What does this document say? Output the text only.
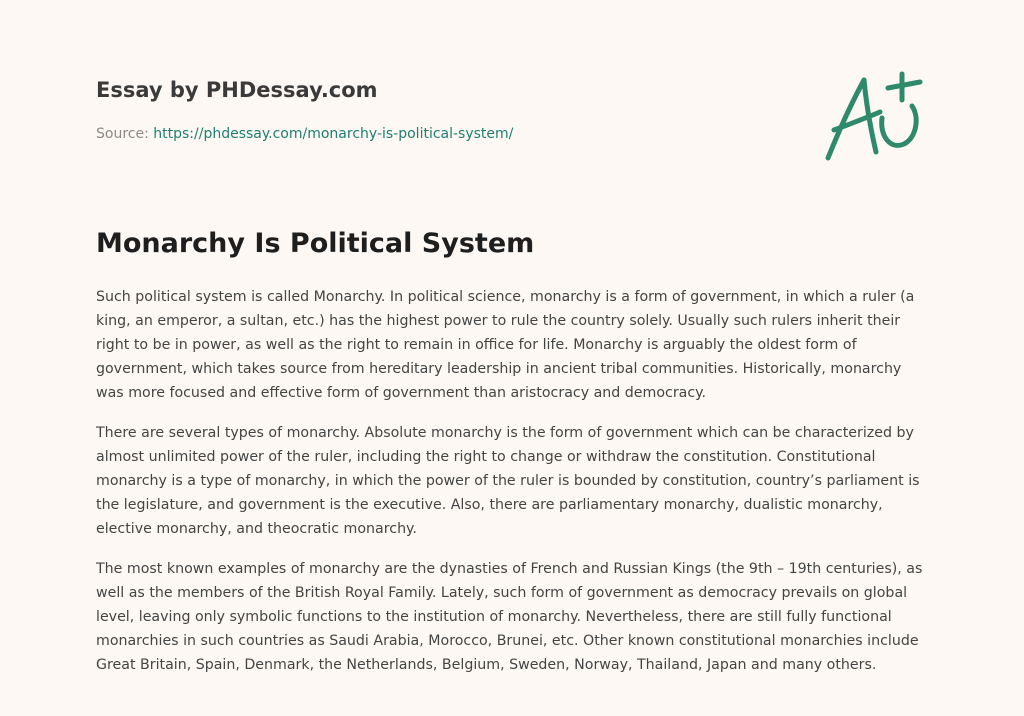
Essay by PHDessay.com
Source: https://phdessay.com/monarchy-is-political-system/
Monarchy Is Political System

Such political system is called Monarchy. In political science, monarchy is a form of government, in which a ruler (a king, an emperor, a sultan, etc.) has the highest power to rule the country solely. Usually such rulers inherit their right to be in power, as well as the right to remain in office for life. Monarchy is arguably the oldest form of government, which takes source from hereditary leadership in ancient tribal communities. Historically, monarchy was more focused and effective form of government than aristocracy and democracy.

There are several types of monarchy. Absolute monarchy is the form of government which can be characterized by almost unlimited power of the ruler, including the right to change or withdraw the constitution. Constitutional monarchy is a type of monarchy, in which the power of the ruler is bounded by constitution, country’s parliament is the legislature, and government is the executive. Also, there are parliamentary monarchy, dualistic monarchy, elective monarchy, and theocratic monarchy.

The most known examples of monarchy are the dynasties of French and Russian Kings (the 9th – 19th centuries), as well as the members of the British Royal Family. Lately, such form of government as democracy prevails on global level, leaving only symbolic functions to the institution of monarchy. Nevertheless, there are still fully functional monarchies in such countries as Saudi Arabia, Morocco, Brunei, etc. Other known constitutional monarchies include Great Britain, Spain, Denmark, the Netherlands, Belgium, Sweden, Norway, Thailand, Japan and many others.
